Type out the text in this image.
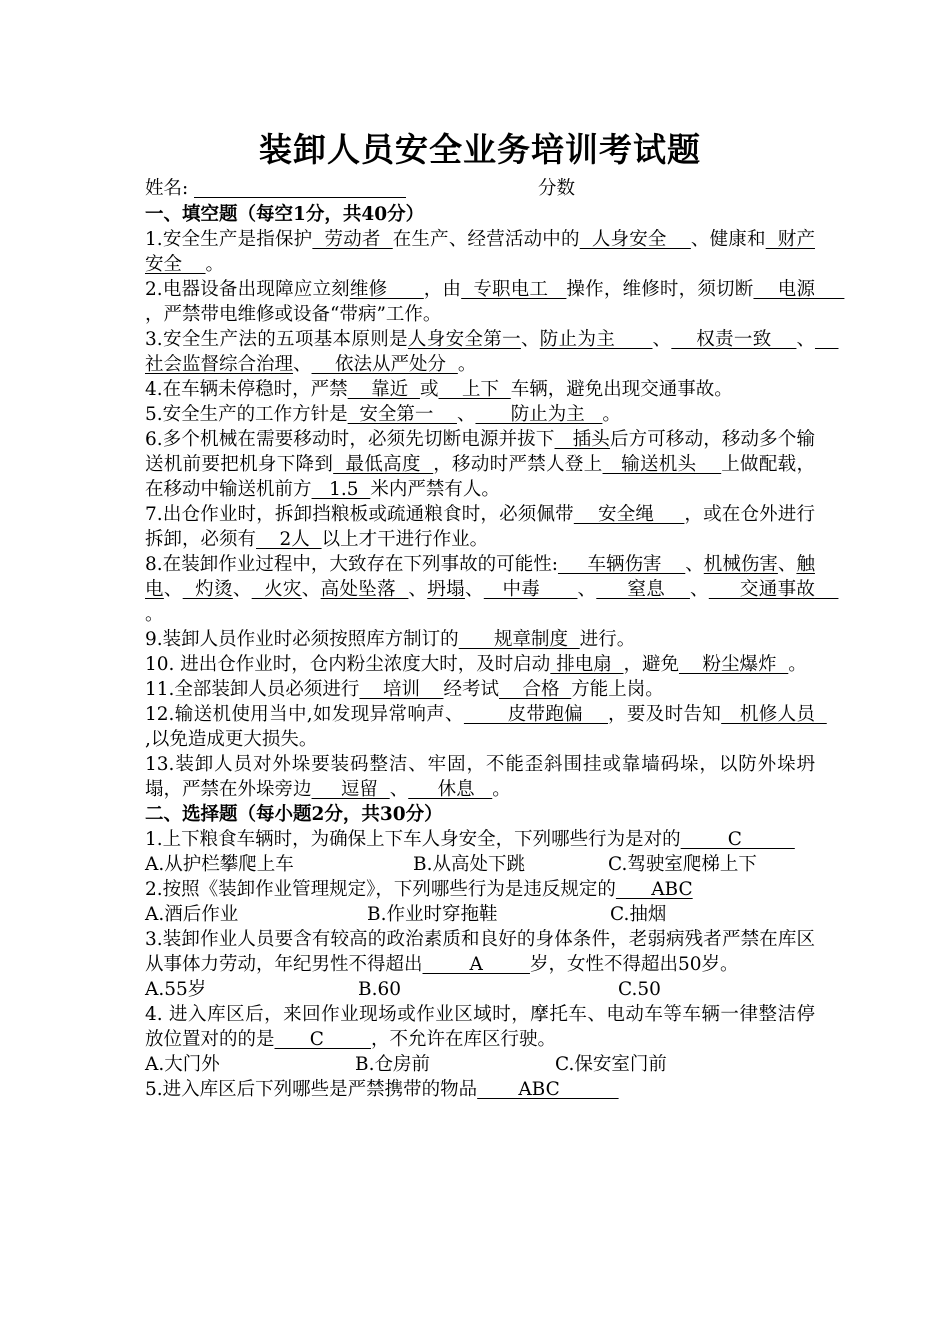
装卸人员安全业务培训考试题
姓名:	分数
一、填空题（每空1分，共40分）
1.安全生产是指保护  劳动者  在生产、经营活动中的  人身安全    、健康和  财产安全    。
2.电器设备出现障应立刻维修      ，由  专职电工   操作，维修时，须切断    电源     ，严禁带电维修或设备“带病”工作。
3.安全生产法的五项基本原则是人身安全第一、防止为主      、    权责一致    、    社会监督综合治理、    依法从严处分  。
4.在车辆未停稳时，严禁    靠近  或    上下  车辆，避免出现交通事故。
5.安全生产的工作方针是  安全第一    、      防止为主   。
6.多个机械在需要移动时，必须先切断电源并拔下   插头后方可移动，移动多个输送机前要把机身下降到  最低高度  ，移动时严禁人登上   输送机头    上做配载，在移动中输送机前方   1.5  米内严禁有人。
7.出仓作业时，拆卸挡粮板或疏通粮食时，必须佩带    安全绳     ，或在仓外进行拆卸，必须有    2人  以上才干进行作业。
8.在装卸作业过程中，大致存在下列事故的可能性:     车辆伤害    、机械伤害、触电、  灼烫、  火灾、高处坠落  、坍塌、   中毒      、     窒息    、     交通事故    。
9.装卸人员作业时必须按照库方制订的      规章制度  进行。
10. 进出仓作业时，仓内粉尘浓度大时，及时启动 排电扇  ，避免    粉尘爆炸  。
11.全部装卸人员必须进行    培训    经考试    合格  方能上岗。
12.输送机使用当中,如发现异常响声、       皮带跑偏    ，要及时告知   机修人员  ,以免造成更大损失。
13.装卸人员对外垛要装码整洁、牢固，不能歪斜围挂或靠墙码垛，以防外垛坍塌，严禁在外垛旁边     逗留  、     休息   。
二、选择题（每小题2分，共30分）
1.上下粮食车辆时，为确保上下车人身安全，下列哪些行为是对的        C
A.从护栏攀爬上车	B.从高处下跳	C.驾驶室爬梯上下
2.按照《装卸作业管理规定》，下列哪些行为是违反规定的      ABC
A.酒后作业	B.作业时穿拖鞋	C.抽烟
3.装卸作业人员要含有较高的政治素质和良好的身体条件，老弱病残者严禁在库区从事体力劳动，年纪男性不得超出        A        岁，女性不得超出50岁。
A.55岁	B.60	C.50
4. 进入库区后，来回作业现场或作业区域时，摩托车、电动车等车辆一律整洁停放位置对的的是      C        ，不允许在库区行驶。
A.大门外	B.仓房前	C.保安室门前
5.进入库区后下列哪些是严禁携带的物品       ABC
